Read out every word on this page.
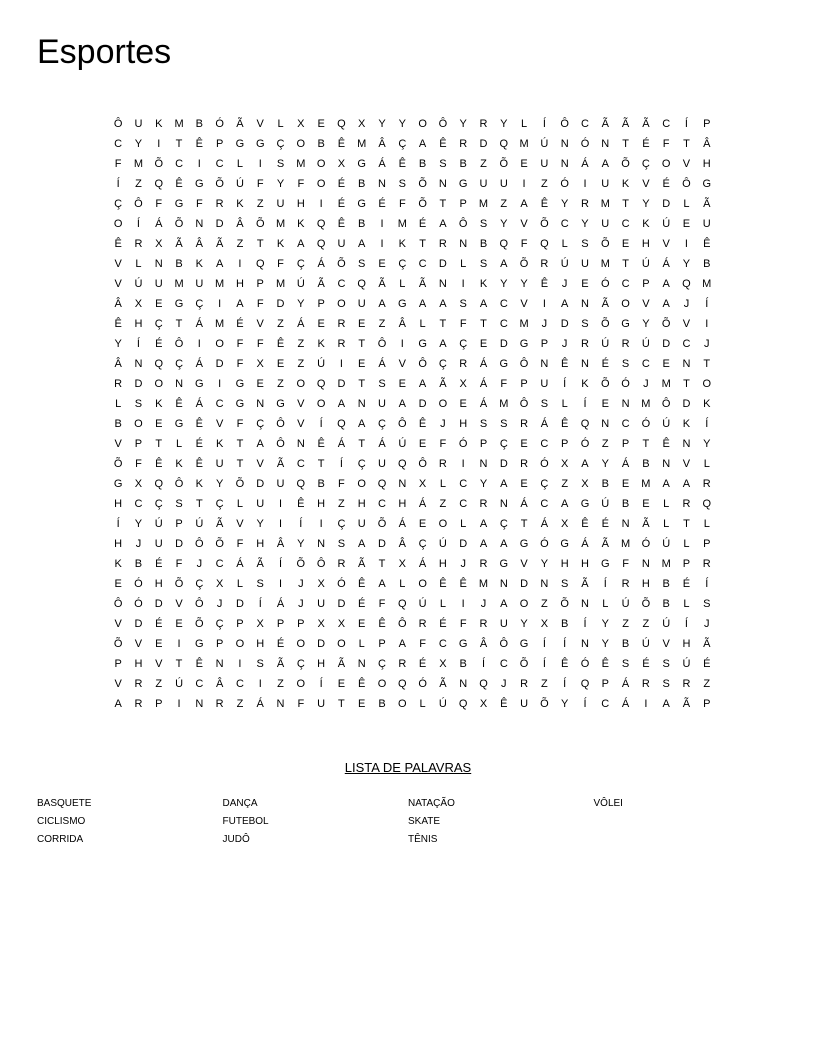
Esportes
Ô	U	K	M	B	Ó	Ã	V	L	X	E	Q	X	Y	Y	O	Ô	Y	R	Y	L	Í	Ô	C	Ã	Ã	Ã	C	Í	P
C	Y	I	T	Ê	P	G	G	Ç	O	B	Ê	M	Â	Ç	A	Ê	R	D	Q	M	Ú	N	Ó	N	T	É	F	T	Â
F	M	Õ	C	I	C	L	I	S	M	O	X	G	Á	Ê	B	S	B	Z	Õ	E	U	N	Á	A	Õ	Ç	O	V	H
Í	Z	Q	Ê	G	Õ	Ú	F	Y	F	O	É	B	N	S	Õ	N	G	U	U	I	Z	Ó	I	U	K	V	É	Ô	G
Ç	Ô	F	G	F	R	K	Z	U	H	I	É	G	É	F	Õ	T	P	M	Z	A	Ê	Y	R	M	T	Y	D	L	Ã
O	Í	Á	Õ	N	D	Â	Õ	M	K	Q	Ê	B	I	M	É	A	Ô	S	Y	V	Õ	C	Y	U	C	K	Ú	E	U
Ê	R	X	Ã	Â	Ã	Z	T	K	A	Q	U	A	I	K	T	R	N	B	Q	F	Q	L	S	Õ	E	H	V	I	Ê
V	L	N	B	K	A	I	Q	F	Ç	Á	Õ	S	E	Ç	C	D	L	S	A	Õ	R	Ú	U	M	T	Ú	Á	Y	B
V	Ú	U	M	U	M	H	P	M	Ú	Ã	C	Q	Ã	L	Ã	N	I	K	Y	Y	Ê	J	E	Ó	C	P	A	Q	M
Â	X	E	G	Ç	I	A	F	D	Y	P	O	U	A	G	A	A	S	A	C	V	I	A	N	Ã	O	V	A	J	Í
Ê	H	Ç	T	Á	M	É	V	Z	Á	E	R	E	Z	Â	L	T	F	T	C	M	J	D	S	Õ	G	Y	Õ	V	I
Y	Í	É	Ô	I	O	F	F	Ê	Z	K	R	T	Ô	I	G	A	Ç	E	D	G	P	J	R	Ú	R	Ú	D	C	J
Â	N	Q	Ç	Á	D	F	X	E	Z	Ú	I	E	Á	V	Ô	Ç	R	Á	G	Ô	N	Ê	N	É	S	C	E	N	T
R	D	O	N	G	I	G	E	Z	O	Q	D	T	S	E	A	Ã	X	Á	F	P	U	Í	K	Õ	Ó	J	M	T	O
L	S	K	Ê	Á	C	G	N	G	V	O	A	N	U	A	D	O	E	Á	M	Ô	S	L	Í	E	N	M	Ô	D	K
B	O	E	G	Ê	V	F	Ç	Ô	V	Í	Q	A	Ç	Ô	Ê	J	H	S	S	R	Á	Ê	Q	N	C	Ó	Ú	K	Í
V	P	T	L	É	K	T	A	Ô	N	Ê	Á	T	Á	Ú	E	F	Ó	P	Ç	E	C	P	Ó	Z	P	T	Ê	N	Y
Õ	F	Ê	K	Ê	U	T	V	Ã	C	T	Í	Ç	U	Q	Ô	R	I	N	D	R	Ó	X	A	Y	Á	B	N	V	L
G	X	Q	Ô	K	Y	Õ	D	U	Q	B	F	O	Q	N	X	L	C	Y	A	E	Ç	Z	X	B	E	M	A	A	R
H	C	Ç	S	T	Ç	L	U	I	Ê	H	Z	H	C	H	Á	Z	C	R	N	Á	C	A	G	Ú	B	E	L	R	Q
Í	Y	Ú	P	Ú	Ã	V	Y	I	Í	I	Ç	U	Õ	Á	E	O	L	A	Ç	T	Á	X	Ê	É	N	Ã	L	T	L
H	J	U	D	Ô	Õ	F	H	Â	Y	N	S	A	D	Â	Ç	Ú	D	A	A	G	Ó	G	Á	Ã	M	Ó	Ú	L	P
K	B	É	F	J	C	Á	Ã	Í	Õ	Ô	R	Ã	T	X	Á	H	J	R	G	V	Y	H	H	G	F	N	M	P	R
E	Ó	H	Õ	Ç	X	L	S	I	J	X	Ó	Ê	A	L	O	Ê	Ê	M	N	D	N	S	Ã	Í	R	H	B	É	Í
Ô	Ó	D	V	Ô	J	D	Í	Á	J	U	D	É	F	Q	Ú	L	I	J	A	O	Z	Õ	N	L	Ú	Õ	B	L	S
V	D	É	E	Õ	Ç	P	X	P	P	X	X	E	Ê	Ô	R	É	F	R	U	Y	X	B	Í	Y	Z	Z	Ú	Í	J
Õ	V	E	I	G	P	O	H	É	O	D	O	L	P	A	F	C	G	Â	Ô	G	Í	Í	N	Y	B	Ú	V	H	Ã
P	H	V	T	Ê	N	I	S	Ã	Ç	H	Ã	N	Ç	R	É	X	B	Í	C	Õ	Í	Ê	Ó	Ê	S	É	S	Ú	É
V	R	Z	Ú	C	Â	C	I	Z	O	Í	E	Ê	O	Q	Ó	Ã	N	Q	J	R	Z	Í	Q	P	Á	R	S	R	Z
A	R	P	I	N	R	Z	Á	N	F	U	T	E	B	O	L	Ú	Q	X	Ê	U	Õ	Y	Í	C	Á	I	A	Ã	P
LISTA DE PALAVRAS
BASQUETE
CICLISMO
CORRIDA
DANÇA
FUTEBOL
JUDÔ
NATAÇÃO
SKATE
TÊNIS
VÔLEI
